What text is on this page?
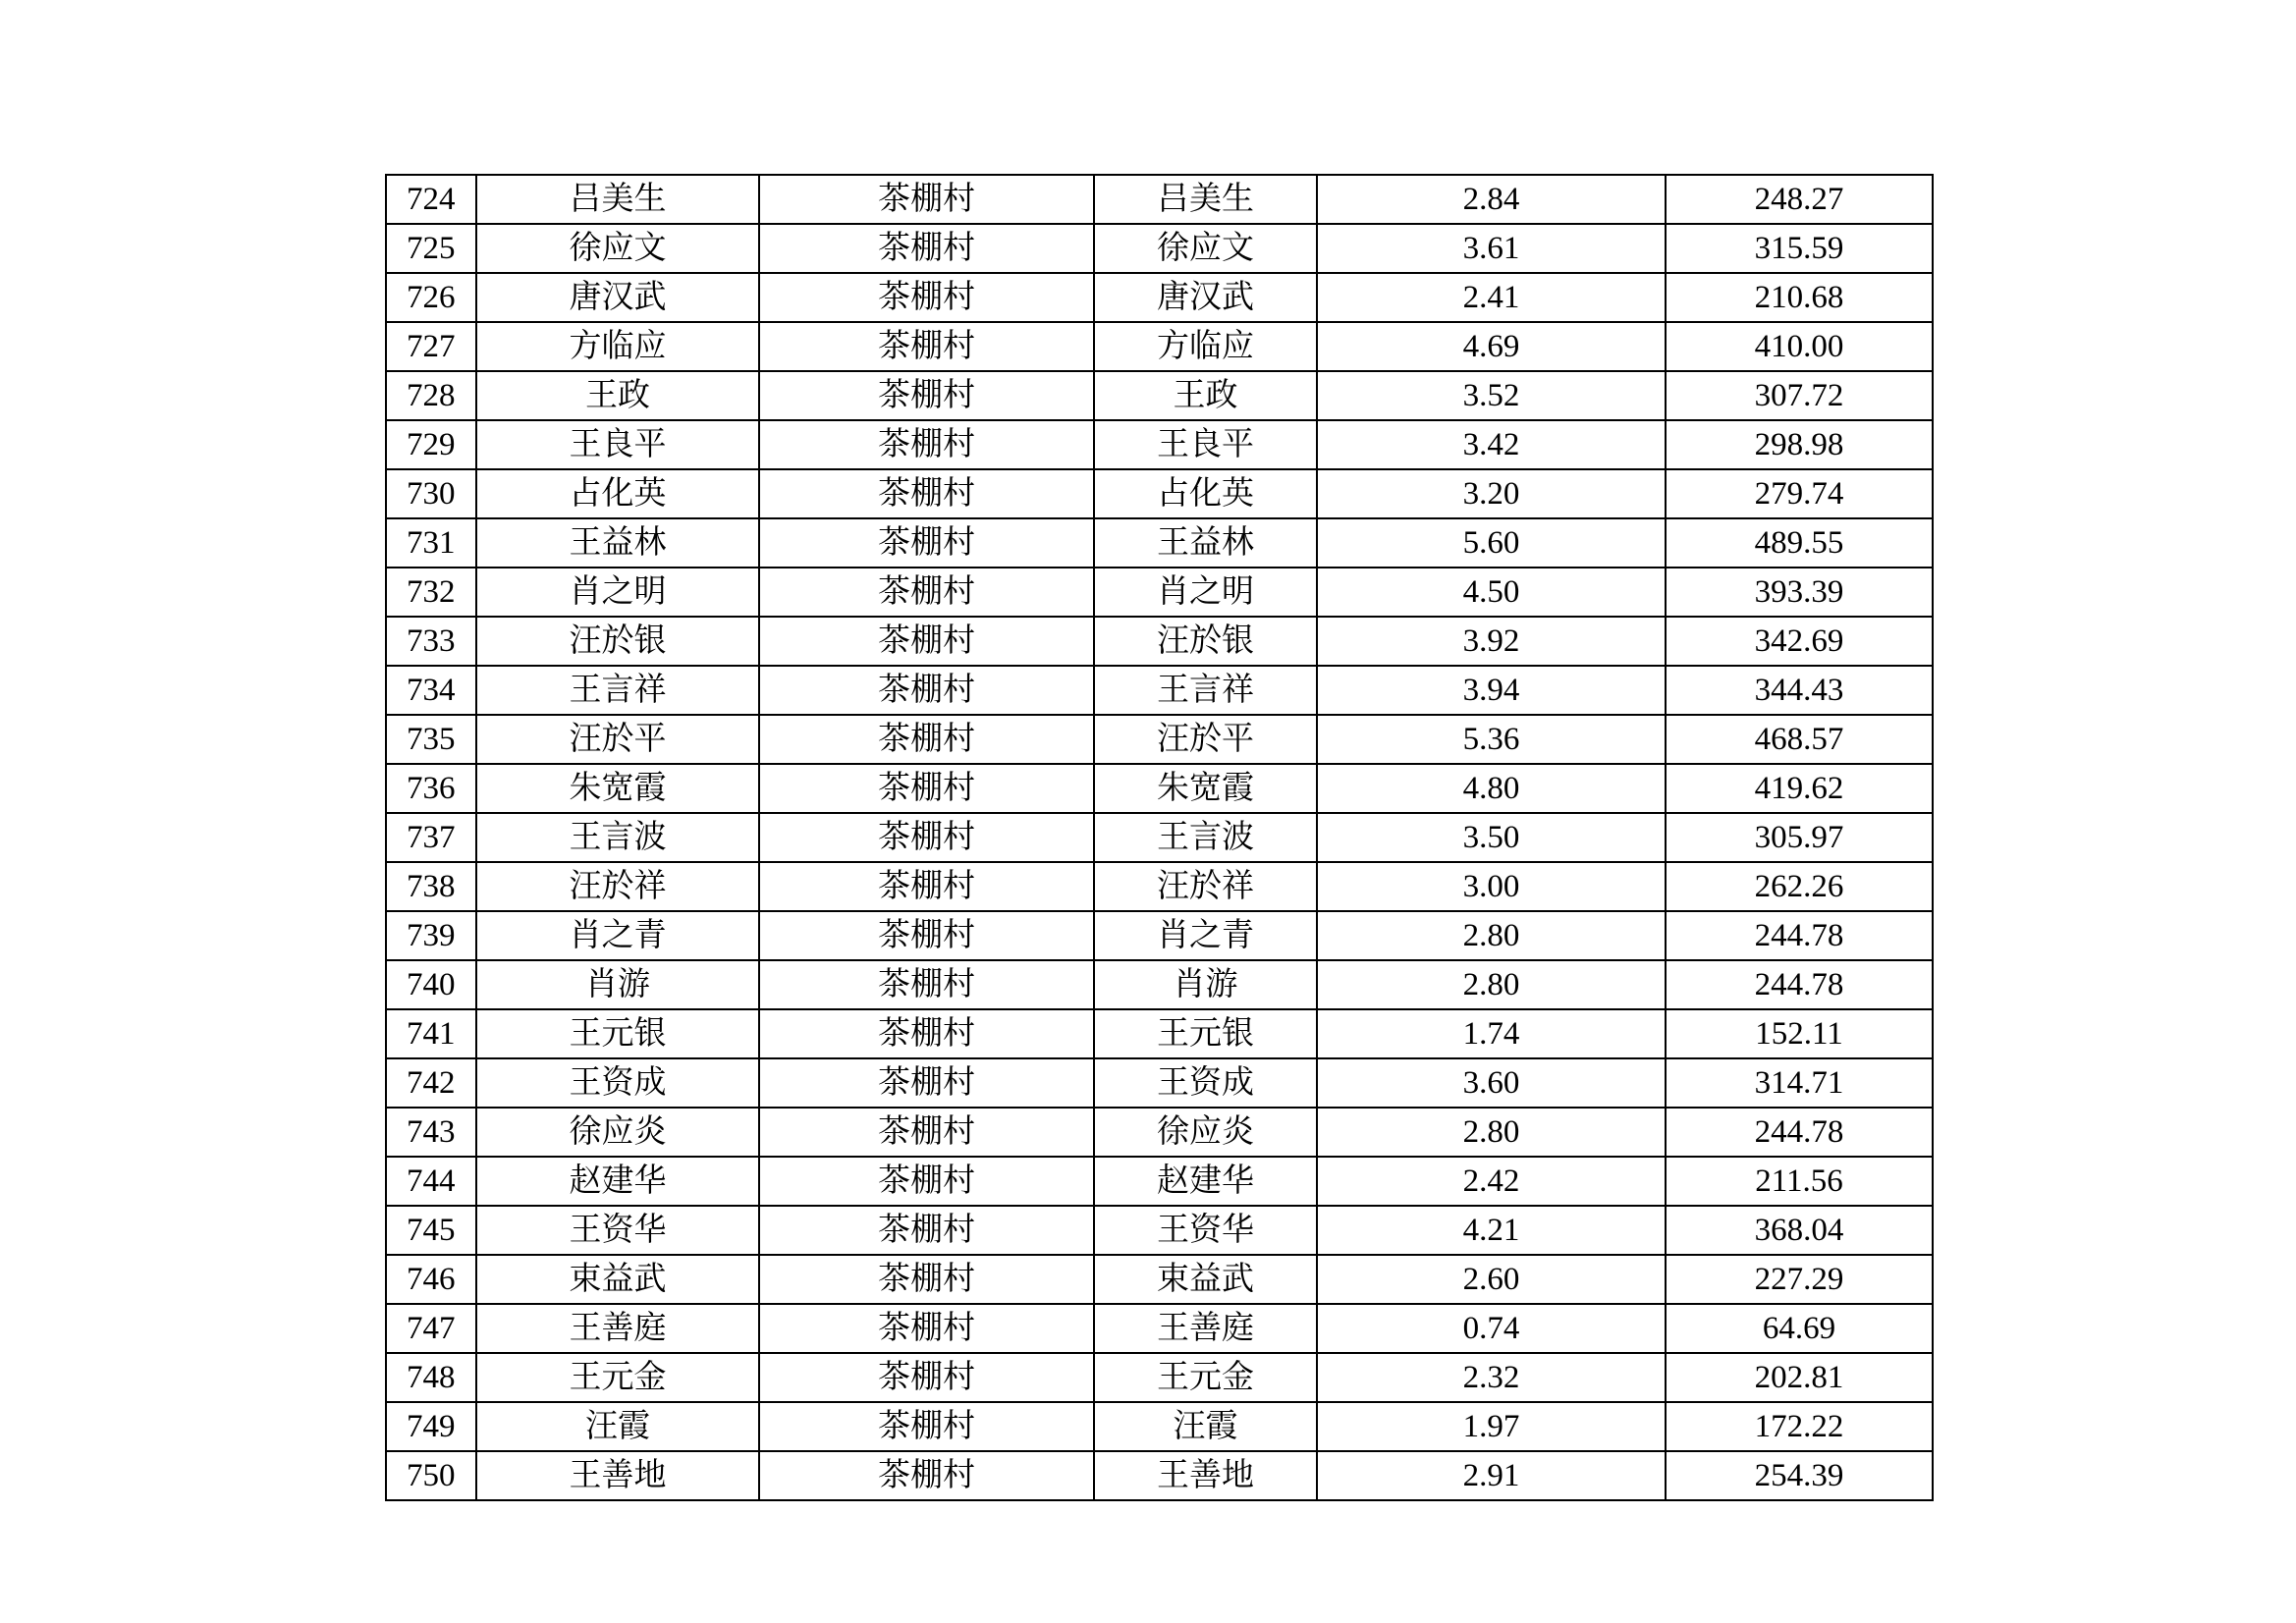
724	吕美生	茶棚村	吕美生	2.84	248.27
725	徐应文	茶棚村	徐应文	3.61	315.59
726	唐汉武	茶棚村	唐汉武	2.41	210.68
727	方临应	茶棚村	方临应	4.69	410.00
728	王政	茶棚村	王政	3.52	307.72
729	王良平	茶棚村	王良平	3.42	298.98
730	占化英	茶棚村	占化英	3.20	279.74
731	王益林	茶棚村	王益林	5.60	489.55
732	肖之明	茶棚村	肖之明	4.50	393.39
733	汪於银	茶棚村	汪於银	3.92	342.69
734	王言祥	茶棚村	王言祥	3.94	344.43
735	汪於平	茶棚村	汪於平	5.36	468.57
736	朱宽霞	茶棚村	朱宽霞	4.80	419.62
737	王言波	茶棚村	王言波	3.50	305.97
738	汪於祥	茶棚村	汪於祥	3.00	262.26
739	肖之青	茶棚村	肖之青	2.80	244.78
740	肖游	茶棚村	肖游	2.80	244.78
741	王元银	茶棚村	王元银	1.74	152.11
742	王资成	茶棚村	王资成	3.60	314.71
743	徐应炎	茶棚村	徐应炎	2.80	244.78
744	赵建华	茶棚村	赵建华	2.42	211.56
745	王资华	茶棚村	王资华	4.21	368.04
746	束益武	茶棚村	束益武	2.60	227.29
747	王善庭	茶棚村	王善庭	0.74	64.69
748	王元金	茶棚村	王元金	2.32	202.81
749	汪霞	茶棚村	汪霞	1.97	172.22
750	王善地	茶棚村	王善地	2.91	254.39
